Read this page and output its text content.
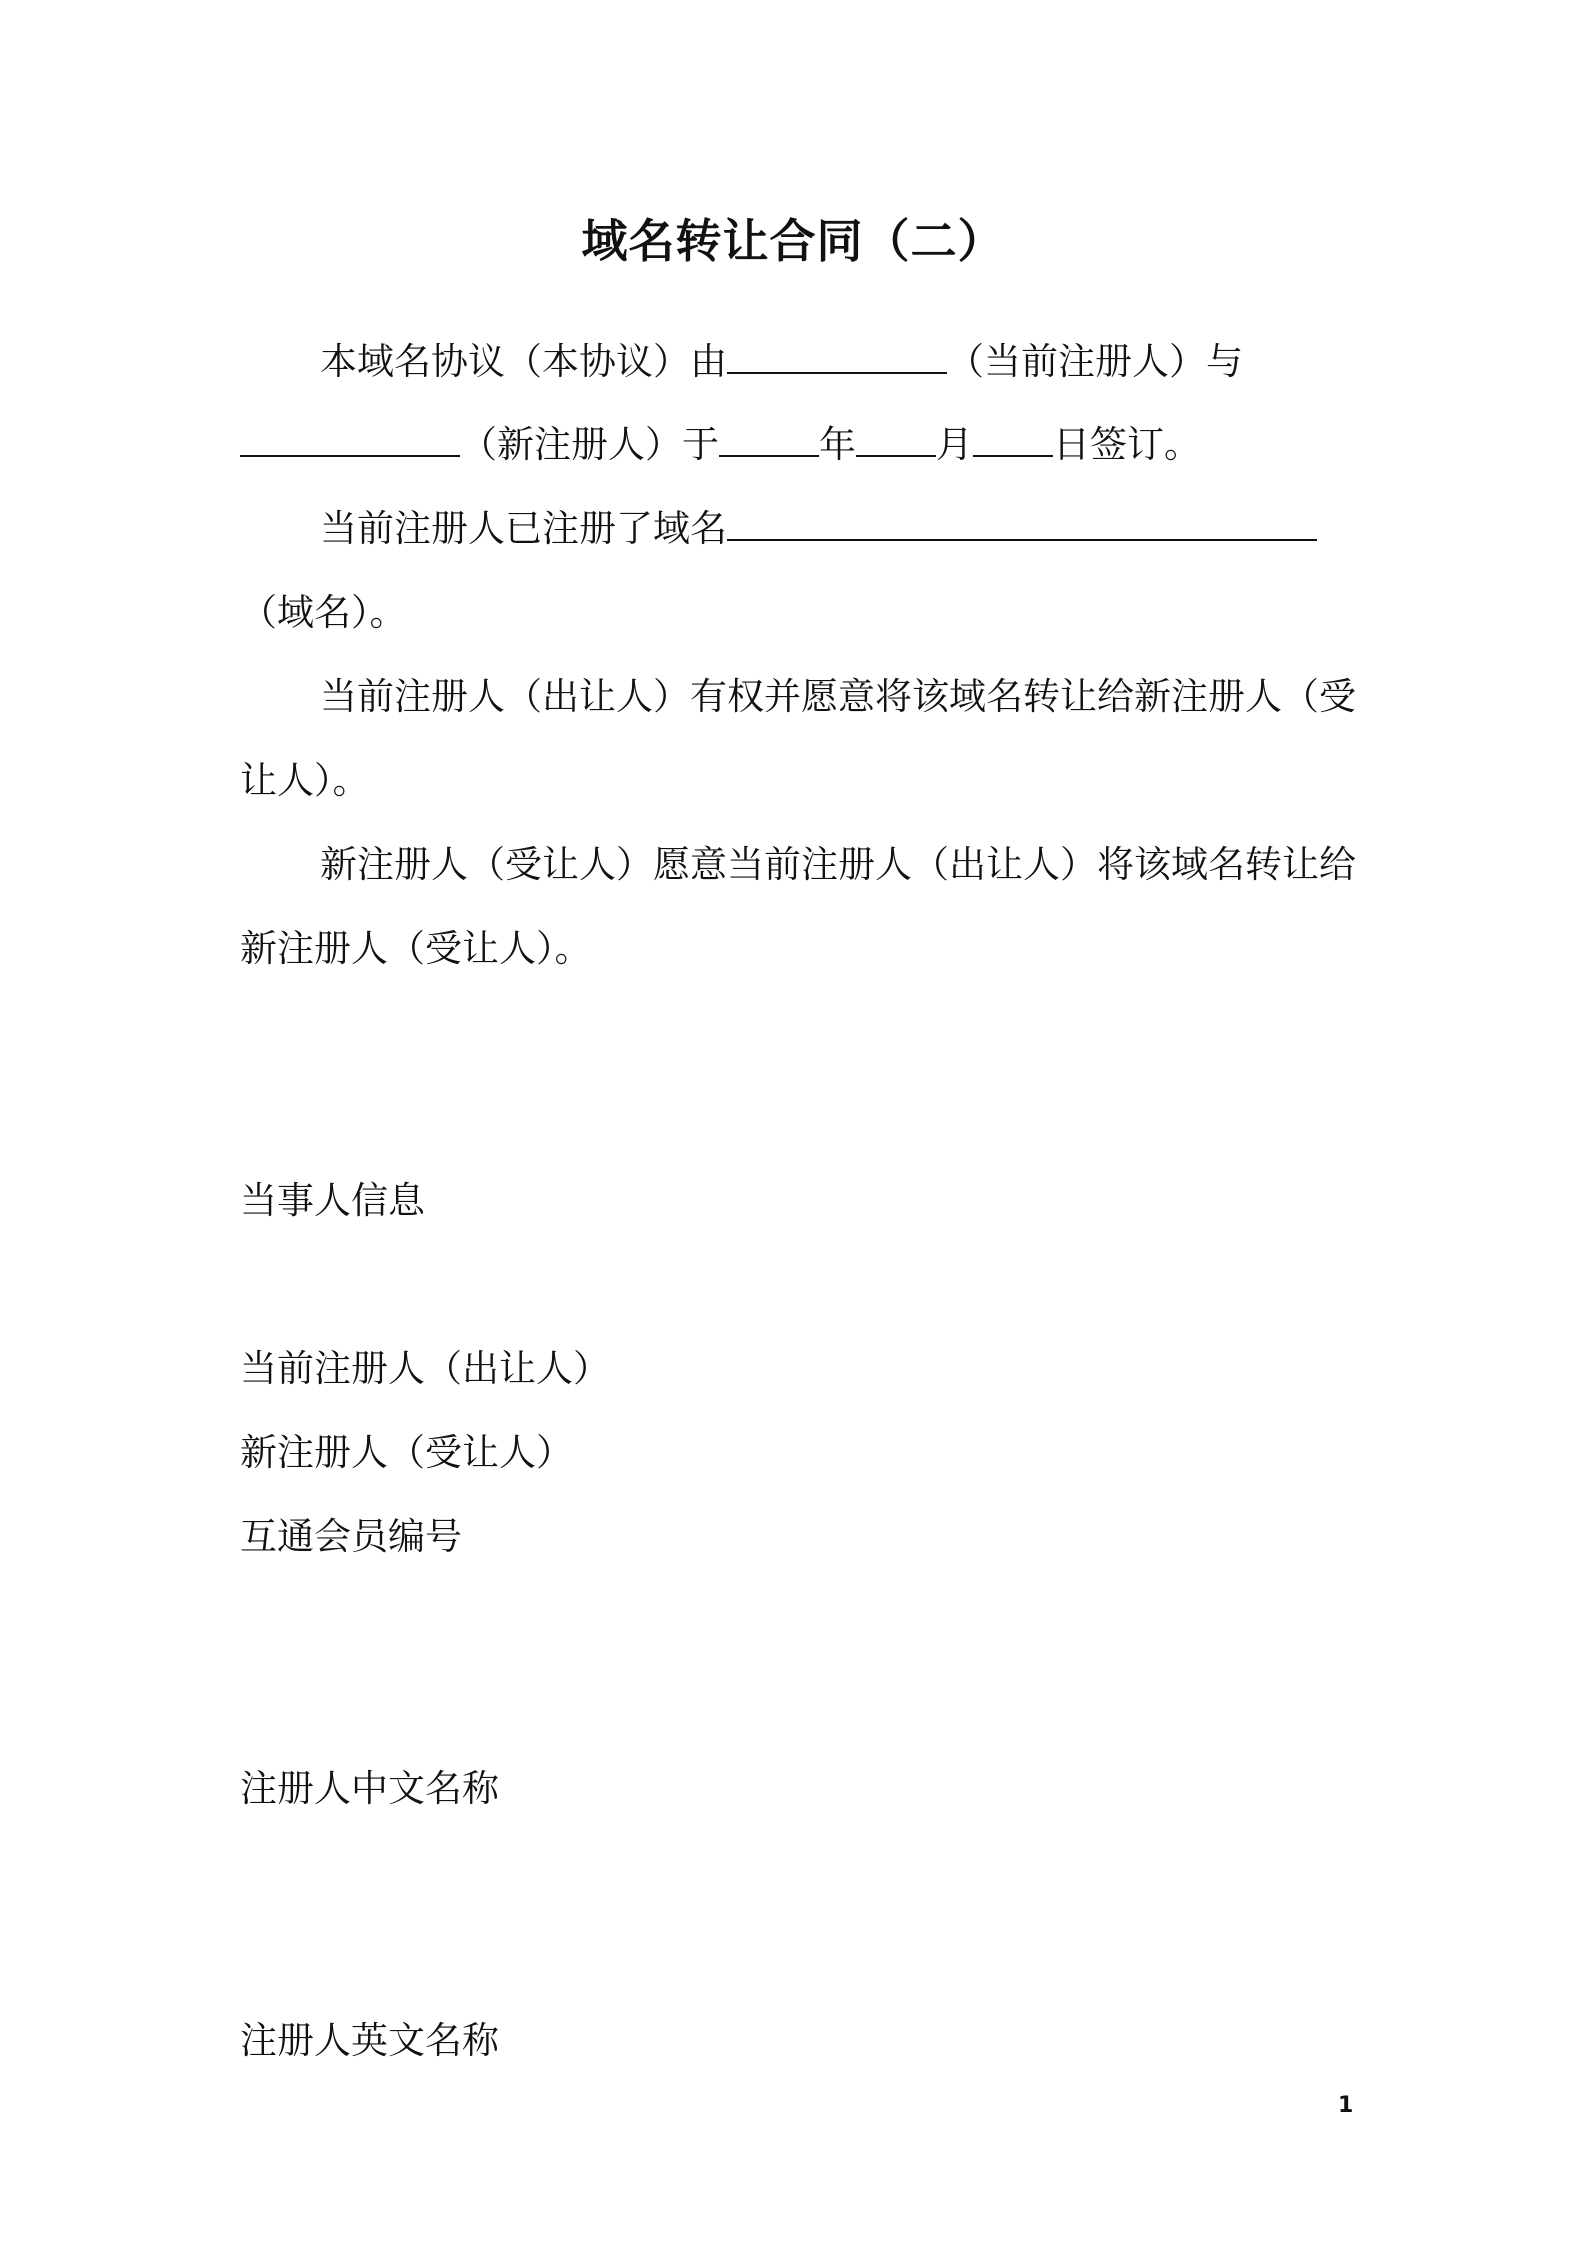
域名转让合同（二）
本域名协议（本协议）由	（当前注册人）与
（新注册人）于	年 月 日签订。
当前注册人已注册了域名
（域名）。
当前注册人（出让人）有权并愿意将该域名转让给新注册人（受
让人）。
新注册人（受让人）愿意当前注册人（出让人）将该域名转让给
新注册人（受让人）。
当事人信息
当前注册人（出让人）
新注册人（受让人）
互通会员编号
注册人中文名称
注册人英文名称
1
